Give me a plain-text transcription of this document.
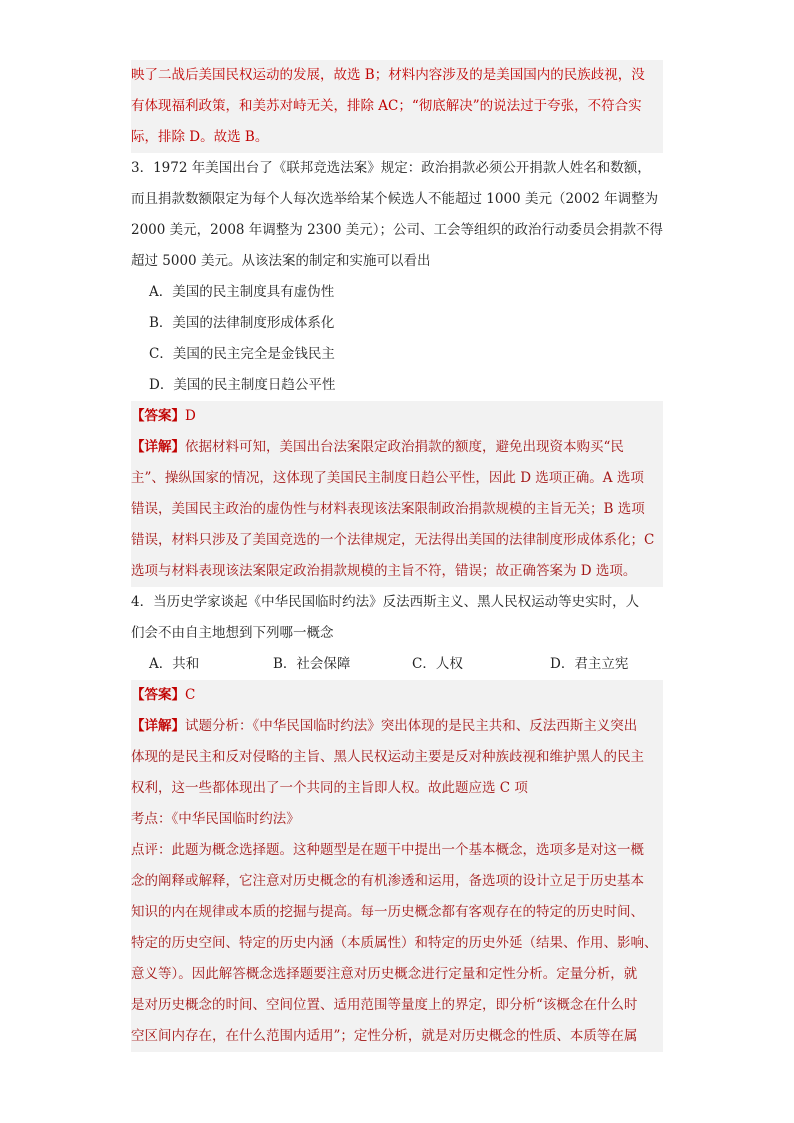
映了二战后美国民权运动的发展，故选 B；材料内容涉及的是美国国内的民族歧视，没
有体现福利政策，和美苏对峙无关，排除 AC；“彻底解决”的说法过于夸张，不符合实
际，排除 D。故选 B。
3．1972 年美国出台了《联邦竞选法案》规定：政治捐款必须公开捐款人姓名和数额，
而且捐款数额限定为每个人每次选举给某个候选人不能超过 1000 美元（2002 年调整为
2000 美元，2008 年调整为 2300 美元）；公司、工会等组织的政治行动委员会捐款不得
超过 5000 美元。从该法案的制定和实施可以看出
A．美国的民主制度具有虚伪性
B．美国的法律制度形成体系化
C．美国的民主完全是金钱民主
D．美国的民主制度日趋公平性
【答案】D
【详解】依据材料可知，美国出台法案限定政治捐款的额度，避免出现资本购买“民
主”、操纵国家的情况，这体现了美国民主制度日趋公平性，因此 D 选项正确。A 选项
错误，美国民主政治的虚伪性与材料表现该法案限制政治捐款规模的主旨无关；B 选项
错误，材料只涉及了美国竞选的一个法律规定，无法得出美国的法律制度形成体系化；C
选项与材料表现该法案限定政治捐款规模的主旨不符，错误；故正确答案为 D 选项。
4．当历史学家谈起《中华民国临时约法》反法西斯主义、黑人民权运动等史实时，人
们会不由自主地想到下列哪一概念
A．共和	B．社会保障	C．人权	D．君主立宪
【答案】C
【详解】试题分析：《中华民国临时约法》突出体现的是民主共和、反法西斯主义突出
体现的是民主和反对侵略的主旨、黑人民权运动主要是反对种族歧视和维护黑人的民主
权利，这一些都体现出了一个共同的主旨即人权。故此题应选 C 项
考点：《中华民国临时约法》
点评：此题为概念选择题。这种题型是在题干中提出一个基本概念，选项多是对这一概
念的阐释或解释，它注意对历史概念的有机渗透和运用，备选项的设计立足于历史基本
知识的内在规律或本质的挖掘与提高。每一历史概念都有客观存在的特定的历史时间、
特定的历史空间、特定的历史内涵（本质属性）和特定的历史外延（结果、作用、影响、
意义等）。因此解答概念选择题要注意对历史概念进行定量和定性分析。定量分析，就
是对历史概念的时间、空间位置、适用范围等量度上的界定，即分析“该概念在什么时
空区间内存在，在什么范围内适用”；定性分析，就是对历史概念的性质、本质等在属
